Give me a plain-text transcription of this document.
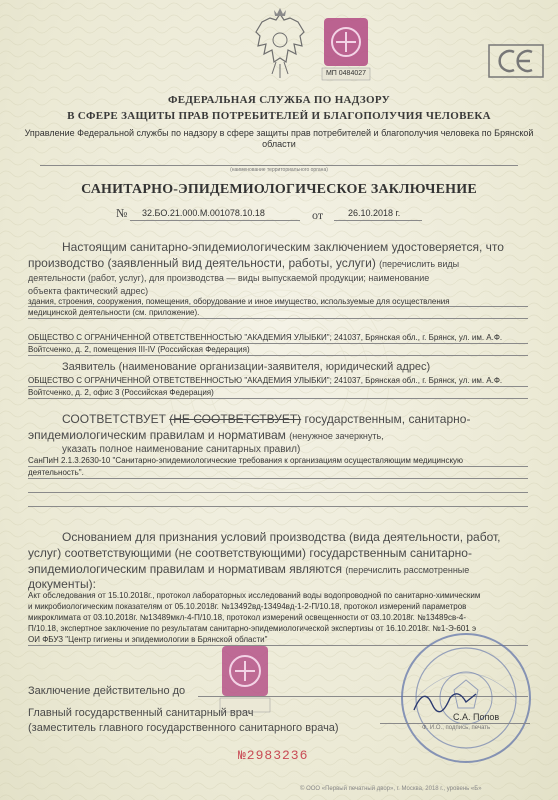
МП 0484027
ФЕДЕРАЛЬНАЯ СЛУЖБА ПО НАДЗОРУ
В СФЕРЕ ЗАЩИТЫ ПРАВ ПОТРЕБИТЕЛЕЙ И БЛАГОПОЛУЧИЯ ЧЕЛОВЕКА
Управление Федеральной службы по надзору в сфере защиты прав потребителей и благополучия человека по Брянской
области
(наименование территориального органа)
САНИТАРНО-ЭПИДЕМИОЛОГИЧЕСКОЕ ЗАКЛЮЧЕНИЕ
№ 32.БО.21.000.М.001078.10.18	от	26.10.2018 г.
Настоящим санитарно-эпидемиологическим заключением удостоверяется, что
производство (заявленный вид деятельности, работы, услуги) (перечислить виды
деятельности (работ, услуг), для производства — виды выпускаемой продукции; наименование
объекта фактический адрес)
здания, строения, сооружения, помещения, оборудование и иное имущество, используемые для осуществления
медицинской деятельности (см. приложение).
ОБЩЕСТВО С ОГРАНИЧЕННОЙ ОТВЕТСТВЕННОСТЬЮ "АКАДЕМИЯ УЛЫБКИ"; 241037, Брянская обл., г. Брянск, ул. им. А.Ф.
Войтсченко, д. 2, помещения III-IV (Российская Федерация)
Заявитель (наименование организации-заявителя, юридический адрес)
ОБЩЕСТВО С ОГРАНИЧЕННОЙ ОТВЕТСТВЕННОСТЬЮ "АКАДЕМИЯ УЛЫБКИ"; 241037, Брянская обл., г. Брянск, ул. им. А.Ф.
Войтсченко, д. 2, офис 3 (Российская Федерация)
СООТВЕТСТВУЕТ (НЕ СООТВЕТСТВУЕТ) государственным, санитарно-
эпидемиологическим правилам и нормативам (ненужное зачеркнуть,
указать полное наименование санитарных правил)
СанПиН 2.1.3.2630-10 "Санитарно-эпидемиологические требования к организациям осуществляющим медицинскую
деятельность".
Основанием для признания условий производства (вида деятельности, работ,
услуг) соответствующими (не соответствующими) государственным санитарно-
эпидемиологическим правилам и нормативам являются (перечислить рассмотренные
документы):
Акт обследования от 15.10.2018г., протокол лабораторных исследований воды водопроводной по санитарно-химическим
и микробиологическим показателям от 05.10.2018г. №13492вд-13494вд-1-2-П/10.18, протокол измерений параметров
микроклимата от 03.10.2018г. №13489мкл-4-П/10.18, протокол измерений освещенности от 03.10.2018г. №13489св-4-
П/10.18, экспертное заключение по результатам санитарно-эпидемиологической экспертизы от 16.10.2018г. №1-Э-601 э
ОИ ФБУЗ "Центр гигиены и эпидемиологии в Брянской области"
Заключение действительно до
Главный государственный санитарный врач
(заместитель главного государственного санитарного врача)
С.А. Попов
Ф. И.О., подпись, печать
№2983236
© ООО «Первый печатный двор», г. Москва, 2018 г., уровень «Б»
